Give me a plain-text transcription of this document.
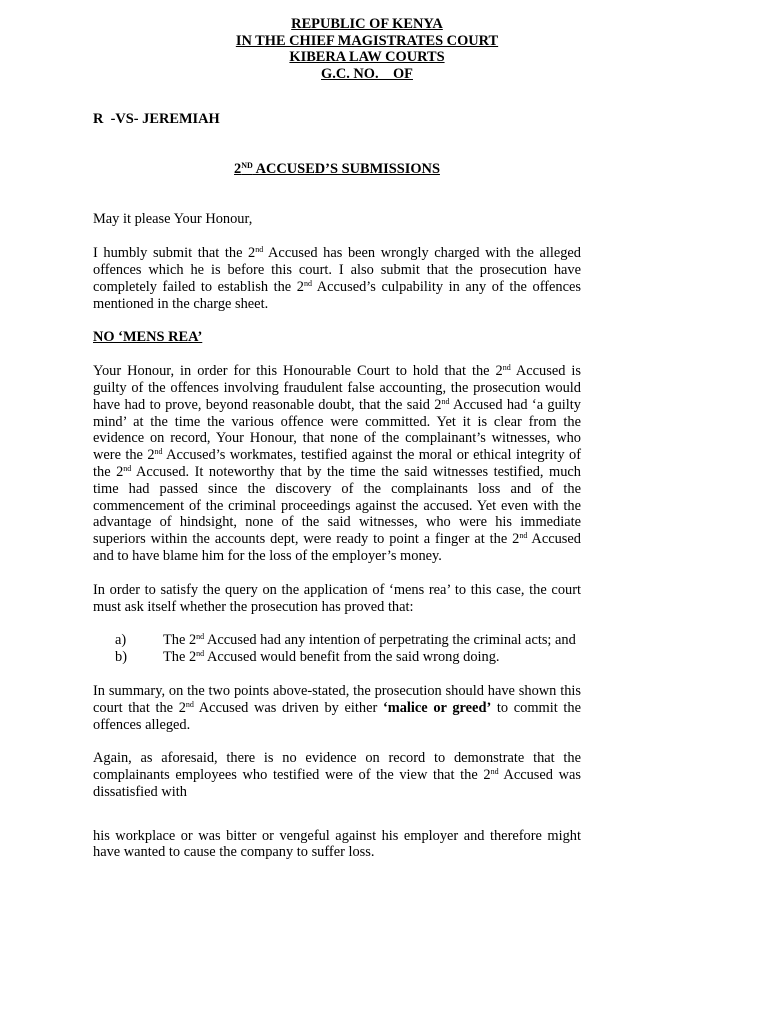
REPUBLIC OF KENYA
IN THE CHIEF MAGISTRATES COURT
KIBERA LAW COURTS
G.C. NO.    OF
R  -VS- JEREMIAH
2ND ACCUSED’S SUBMISSIONS

May it please Your Honour,

I humbly submit that the 2nd Accused has been wrongly charged with the alleged offences which he is before this court. I also submit that the prosecution have completely failed to establish the 2nd Accused’s culpability in any of the offences mentioned in the charge sheet.

NO ‘MENS REA’

Your Honour, in order for this Honourable Court to hold that the 2nd Accused is guilty of the offences involving fraudulent false accounting, the prosecution would have had to prove, beyond reasonable doubt, that the said 2nd Accused had ‘a guilty mind’ at the time the various offence were committed. Yet it is clear from the evidence on record, Your Honour, that none of the complainant’s witnesses, who were the 2nd Accused’s workmates, testified against the moral or ethical integrity of the 2nd Accused. It noteworthy that by the time the said witnesses testified, much time had passed since the discovery of the complainants loss and of the commencement of the criminal proceedings against the accused. Yet even with the advantage of hindsight, none of the said witnesses, who were his immediate superiors within the accounts dept, were ready to point a finger at the 2nd Accused and to have blame him for the loss of the employer’s money.

In order to satisfy the query on the application of ‘mens rea’ to this case, the court must ask itself whether the prosecution has proved that:

a)	The 2nd Accused had any intention of perpetrating the criminal acts; and
b)	The 2nd Accused would benefit from the said wrong doing.

In summary, on the two points above-stated, the prosecution should have shown this court that the 2nd Accused was driven by either ‘malice or greed’ to commit the offences alleged.

Again, as aforesaid, there is no evidence on record to demonstrate that the complainants employees who testified were of the view that the 2nd Accused was dissatisfied with

his workplace or was bitter or vengeful against his employer and therefore might have wanted to cause the company to suffer loss.
